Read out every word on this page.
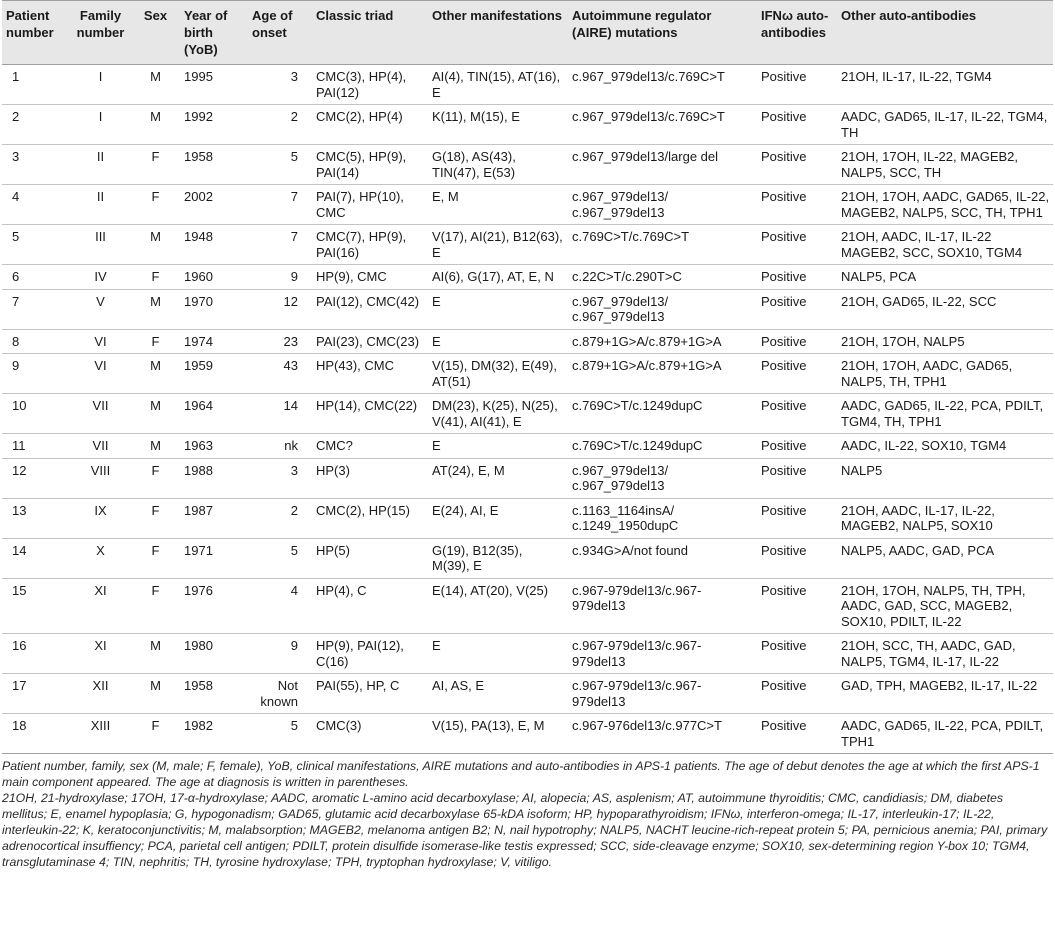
Patient number	Family number	Sex	Year of birth (YoB)	Age of onset	Classic triad	Other manifestations	Autoimmune regulator (AIRE) mutations	IFNω auto-antibodies	Other auto-antibodies
1	I	M	1995	3	CMC(3), HP(4), PAI(12)	AI(4), TIN(15), AT(16), E	c.967_979del13/c.769C>T	Positive	21OH, IL-17, IL-22, TGM4
2	I	M	1992	2	CMC(2), HP(4)	K(11), M(15), E	c.967_979del13/c.769C>T	Positive	AADC, GAD65, IL-17, IL-22, TGM4, TH
3	II	F	1958	5	CMC(5), HP(9), PAI(14)	G(18), AS(43), TIN(47), E(53)	c.967_979del13/large del	Positive	21OH, 17OH, IL-22, MAGEB2, NALP5, SCC, TH
4	II	F	2002	7	PAI(7), HP(10), CMC	E, M	c.967_979del13/ c.967_979del13	Positive	21OH, 17OH, AADC, GAD65, IL-22, MAGEB2, NALP5, SCC, TH, TPH1
5	III	M	1948	7	CMC(7), HP(9), PAI(16)	V(17), AI(21), B12(63), E	c.769C>T/c.769C>T	Positive	21OH, AADC, IL-17, IL-22 MAGEB2, SCC, SOX10, TGM4
6	IV	F	1960	9	HP(9), CMC	AI(6), G(17), AT, E, N	c.22C>T/c.290T>C	Positive	NALP5, PCA
7	V	M	1970	12	PAI(12), CMC(42)	E	c.967_979del13/ c.967_979del13	Positive	21OH, GAD65, IL-22, SCC
8	VI	F	1974	23	PAI(23), CMC(23)	E	c.879+1G>A/c.879+1G>A	Positive	21OH, 17OH, NALP5
9	VI	M	1959	43	HP(43), CMC	V(15), DM(32), E(49), AT(51)	c.879+1G>A/c.879+1G>A	Positive	21OH, 17OH, AADC, GAD65, NALP5, TH, TPH1
10	VII	M	1964	14	HP(14), CMC(22)	DM(23), K(25), N(25), V(41), AI(41), E	c.769C>T/c.1249dupC	Positive	AADC, GAD65, IL-22, PCA, PDILT, TGM4, TH, TPH1
11	VII	M	1963	nk	CMC?	E	c.769C>T/c.1249dupC	Positive	AADC, IL-22, SOX10, TGM4
12	VIII	F	1988	3	HP(3)	AT(24), E, M	c.967_979del13/ c.967_979del13	Positive	NALP5
13	IX	F	1987	2	CMC(2), HP(15)	E(24), AI, E	c.1163_1164insA/ c.1249_1950dupC	Positive	21OH, AADC, IL-17, IL-22, MAGEB2, NALP5, SOX10
14	X	F	1971	5	HP(5)	G(19), B12(35), M(39), E	c.934G>A/not found	Positive	NALP5, AADC, GAD, PCA
15	XI	F	1976	4	HP(4), C	E(14), AT(20), V(25)	c.967-979del13/c.967-979del13	Positive	21OH, 17OH, NALP5, TH, TPH, AADC, GAD, SCC, MAGEB2, SOX10, PDILT, IL-22
16	XI	M	1980	9	HP(9), PAI(12), C(16)	E	c.967-979del13/c.967-979del13	Positive	21OH, SCC, TH, AADC, GAD, NALP5, TGM4, IL-17, IL-22
17	XII	M	1958	Not known	PAI(55), HP, C	AI, AS, E	c.967-979del13/c.967-979del13	Positive	GAD, TPH, MAGEB2, IL-17, IL-22
18	XIII	F	1982	5	CMC(3)	V(15), PA(13), E, M	c.967-976del13/c.977C>T	Positive	AADC, GAD65, IL-22, PCA, PDILT, TPH1

Patient number, family, sex (M, male; F, female), YoB, clinical manifestations, AIRE mutations and auto-antibodies in APS-1 patients. The age of debut denotes the age at which the first APS-1 main component appeared. The age at diagnosis is written in parentheses.

21OH, 21-hydroxylase; 17OH, 17-α-hydroxylase; AADC, aromatic L-amino acid decarboxylase; AI, alopecia; AS, asplenism; AT, autoimmune thyroiditis; CMC, candidiasis; DM, diabetes mellitus; E, enamel hypoplasia; G, hypogonadism; GAD65, glutamic acid decarboxylase 65-kDA isoform; HP, hypoparathyroidism; IFNω, interferon-omega; IL-17, interleukin-17; IL-22, interleukin-22; K, keratoconjunctivitis; M, malabsorption; MAGEB2, melanoma antigen B2; N, nail hypotrophy; NALP5, NACHT leucine-rich-repeat protein 5; PA, pernicious anemia; PAI, primary adrenocortical insuffiency; PCA, parietal cell antigen; PDILT, protein disulfide isomerase-like testis expressed; SCC, side-cleavage enzyme; SOX10, sex-determining region Y-box 10; TGM4, transglutaminase 4; TIN, nephritis; TH, tyrosine hydroxylase; TPH, tryptophan hydroxylase; V, vitiligo.
